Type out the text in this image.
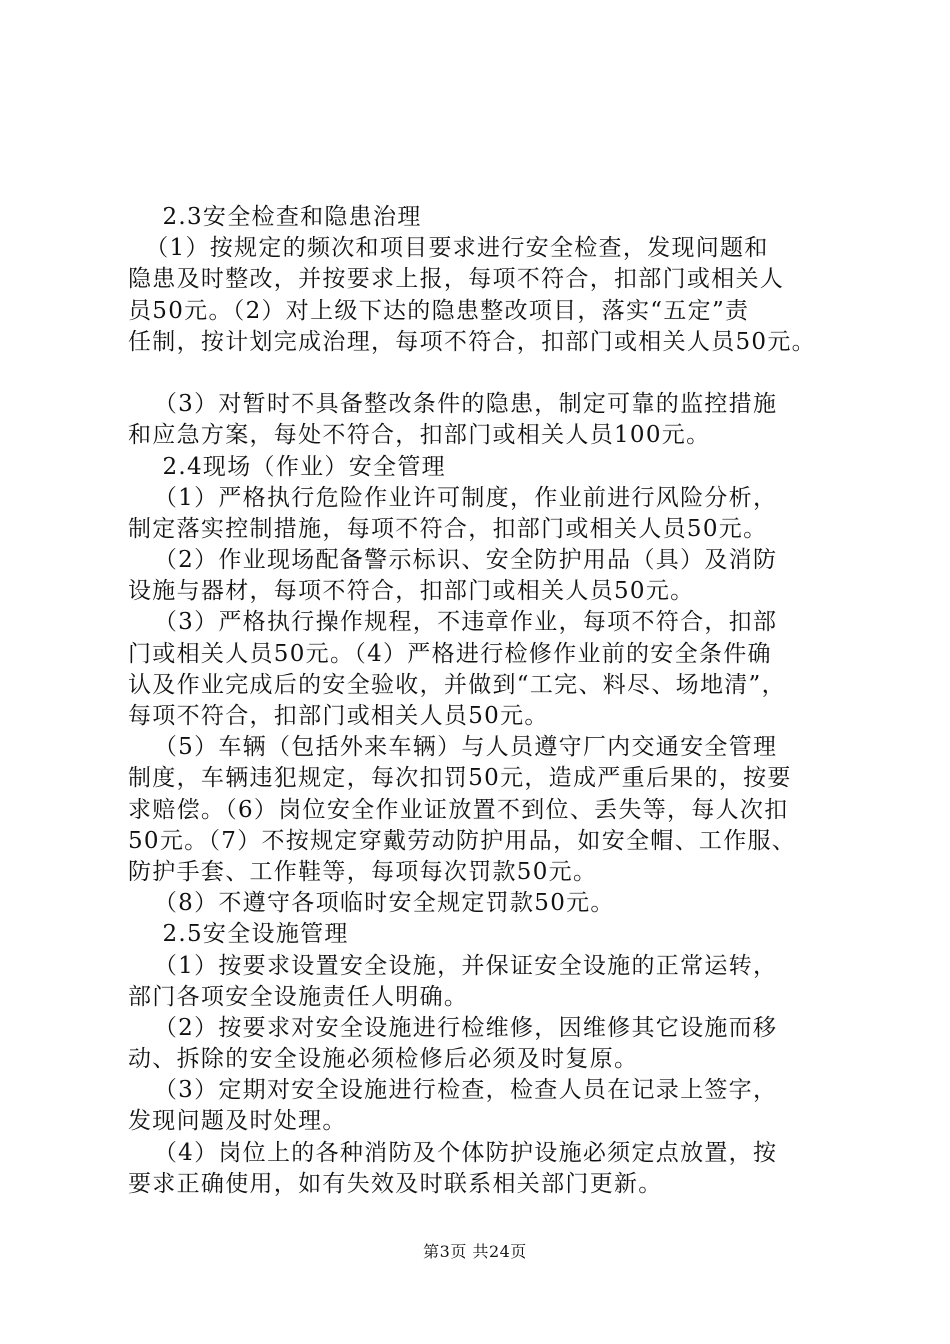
2.3安全检查和隐患治理
（1）按规定的频次和项目要求进行安全检查，发现问题和
隐患及时整改，并按要求上报，每项不符合，扣部门或相关人
员50元。（2）对上级下达的隐患整改项目，落实“五定”责
任制，按计划完成治理，每项不符合，扣部门或相关人员50元。
（3）对暂时不具备整改条件的隐患，制定可靠的监控措施
和应急方案，每处不符合，扣部门或相关人员100元。
2.4现场（作业）安全管理
（1）严格执行危险作业许可制度，作业前进行风险分析，
制定落实控制措施，每项不符合，扣部门或相关人员50元。
（2）作业现场配备警示标识、安全防护用品（具）及消防
设施与器材，每项不符合，扣部门或相关人员50元。
（3）严格执行操作规程，不违章作业，每项不符合，扣部
门或相关人员50元。（4）严格进行检修作业前的安全条件确
认及作业完成后的安全验收，并做到“工完、料尽、场地清”，
每项不符合，扣部门或相关人员50元。
（5）车辆（包括外来车辆）与人员遵守厂内交通安全管理
制度，车辆违犯规定，每次扣罚50元，造成严重后果的，按要
求赔偿。（6）岗位安全作业证放置不到位、丢失等，每人次扣
50元。（7）不按规定穿戴劳动防护用品，如安全帽、工作服、
防护手套、工作鞋等，每项每次罚款50元。
（8）不遵守各项临时安全规定罚款50元。
2.5安全设施管理
（1）按要求设置安全设施，并保证安全设施的正常运转，
部门各项安全设施责任人明确。
（2）按要求对安全设施进行检维修，因维修其它设施而移
动、拆除的安全设施必须检修后必须及时复原。
（3）定期对安全设施进行检查，检查人员在记录上签字，
发现问题及时处理。
（4）岗位上的各种消防及个体防护设施必须定点放置，按
要求正确使用，如有失效及时联系相关部门更新。
第3页 共24页
